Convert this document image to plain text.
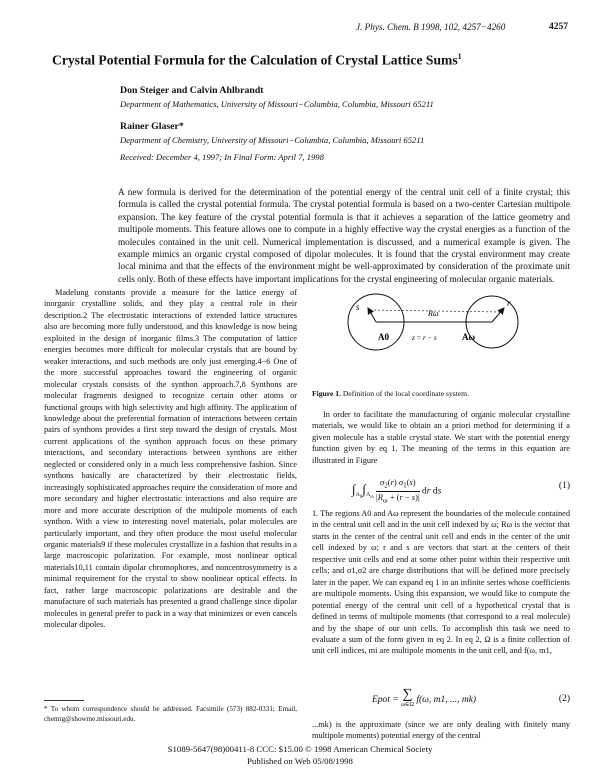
J. Phys. Chem. B 1998, 102, 4257−4260	4257
Crystal Potential Formula for the Calculation of Crystal Lattice Sums$^1$
Don Steiger and Calvin Ahlbrandt
Department of Mathematics, University of Missouri−Columbia, Columbia, Missouri 65211
Rainer Glaser*
Department of Chemistry, University of Missouri−Columbia, Columbia, Missouri 65211
Received: December 4, 1997; In Final Form: April 7, 1998
A new formula is derived for the determination of the potential energy of the central unit cell of a finite crystal; this formula is called the crystal potential formula. The crystal potential formula is based on a two-center Cartesian multipole expansion. The key feature of the crystal potential formula is that it achieves a separation of the lattice geometry and multipole moments. This feature allows one to compute in a highly effective way the crystal energies as a function of the molecules contained in the unit cell. Numerical implementation is discussed, and a numerical example is given. The example mimics an organic crystal composed of dipolar molecules. It is found that the crystal environment may create local minima and that the effects of the environment might be well-approximated by consideration of the proximate unit cells only. Both of these effects have important implications for the crystal engineering of molecular organic materials.

Madelung constants provide a measure for the lattice energy of inorganic crystalline solids, and they play a central role in their description.2 The electrostatic interactions of extended lattice structures also are becoming more fully understood, and this knowledge is now being exploited in the design of inorganic films.3 The computation of lattice energies becomes more difficult for molecular crystals that are bound by weaker interactions, and such methods are only just emerging.4−6 One of the more successful approaches toward the engineering of organic molecular crystals consists of the synthon approach.7,8 Synthons are molecular fragments designed to recognize certain other atoms or functional groups with high selectivity and high affinity. The application of knowledge about the preferential formation of interactions between certain pairs of synthons provides a first step toward the design of crystals. Most current applications of the synthon approach focus on these primary interactions, and secondary interactions between synthons are either neglected or considered only in a much less comprehensive fashion. Since synthons basically are characterized by their electrostatic fields, increasingly sophisticated approaches require the consideration of more and more secondary and higher electrostatic interactions and also require are more and more accurate description of the multipole moments of each synthon. With a view to interesting novel materials, polar molecules are particularly important, and they often produce the most useful molecular organic materials9 if these molecules crystallize in a fashion that results in a large macroscopic polarization. For example, most nonlinear optical materials10,11 contain dipolar chromophores, and noncentrosymmetry is a minimal requirement for the crystal to show nonlinear optical effects. In fact, rather large macroscopic polarizations are desirable and the manufacture of such materials has presented a grand challenge since dipolar molecules in general prefer to pack in a way that minimizes or even cancels molecular dipoles.

* To whom correspondence should be addressed. Facsimile (573) 882-0331; Email, chemrg@showme.missouri.edu.
s	r
Rω
A0	Aω
z = r − s
Figure 1. Definition of the local coordinate system.

In order to facilitate the manufacturing of organic molecular crystalline materials, we would like to obtain an a priori method for determining if a given molecule has a stable crystal state. We start with the potential energy function given by eq 1. The meaning of the terms in this equation are illustrated in Figure

$\int_{A_0}\int_{A_\omega} \frac{\sigma_2(r) \sigma_1(s)}{|R_\omega + (r - s)|}$ dr ds
(1)

1. The regions A0 and Aω represent the boundaries of the molecule contained in the central unit cell and in the unit cell indexed by ω; Rω is the vector that starts in the center of the central unit cell and ends in the center of the unit cell indexed by ω; r and s are vectors that start at the centers of their respective unit cells and end at some other point within their respective unit cells; and σ1,σ2 are charge distributions that will be defined more precisely later in the paper. We can expand eq 1 in an infinite series whose coefficients are multipole moments. Using this expansion, we would like to compute the potential energy of the central unit cell of a hypothetical crystal that is defined in terms of multipole moments (that correspond to a real molecule) and by the shape of our unit cells. To accomplish this task we need to evaluate a sum of the form given in eq 2. In eq 2, Ω is a finite collection of unit cell indices, mi are multipole moments in the unit cell, and f(ω, m1,

Epot = ∑
ω∈Ω f(ω, m1, ..., mk)	(2)

...mk) is the approximate (since we are only dealing with finitely many multipole moments) potential energy of the central

S1089-5647(98)00411-8 CCC: $15.00 © 1998 American Chemical Society
Published on Web 05/08/1998
